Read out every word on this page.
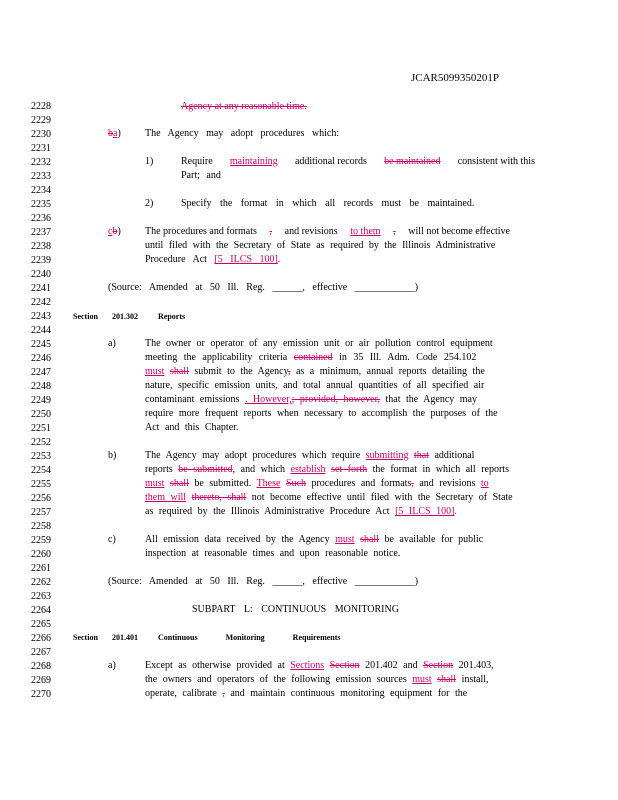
JCAR5099350201P
2228
2229
2230
2231
2232
2233
2234
2235
2236
2237
2238
2239
2240
2241
2242
2243
2244
2245
2246
2247
2248
2249
2250
2251
2252
2253
2254
2255
2256
2257
2258
2259
2260
2261
2262
2263
2264
2265
2266
2267
2268
2269
2270
Agency at any reasonable time.
ba) The Agency may adopt procedures which:
1)	Require maintaining additional records be maintained consistent with this
Part; and
2)	Specify the format in which all records must be maintained.
cb) The procedures and formats , and revisions to them , will not become effective
until filed with the Secretary of State as required by the Illinois Administrative
Procedure Act [5 ILCS 100].
(Source: Amended at 50 Ill. Reg. ______, effective ____________)
Section 201.302	Reports
a)	The owner or operator of any emission unit or air pollution control equipment
meeting the applicability criteria contained in 35 Ill. Adm. Code 254.102
must shall submit to the Agency, as a minimum, annual reports detailing the
nature, specific emission units, and total annual quantities of all specified air
contaminant emissions . However,; provided, however, that the Agency may
require more frequent reports when necessary to accomplish the purposes of the
Act and this Chapter.
b)	The Agency may adopt procedures which require submitting that additional
reports be submitted, and which establish set forth the format in which all reports
must shall be submitted. These Such procedures and formats, and revisions to
them will thereto, shall not become effective until filed with the Secretary of State
as required by the Illinois Administrative Procedure Act [5 ILCS 100].
c)	All emission data received by the Agency must shall be available for public
inspection at reasonable times and upon reasonable notice.
(Source: Amended at 50 Ill. Reg. ______, effective ____________)
SUBPART L: CONTINUOUS MONITORING
Section 201.401	Continuous Monitoring Requirements
a)	Except as otherwise provided at Sections Section 201.402 and Section 201.403,
the owners and operators of the following emission sources must shall install,
operate, calibrate , and maintain continuous monitoring equipment for the
